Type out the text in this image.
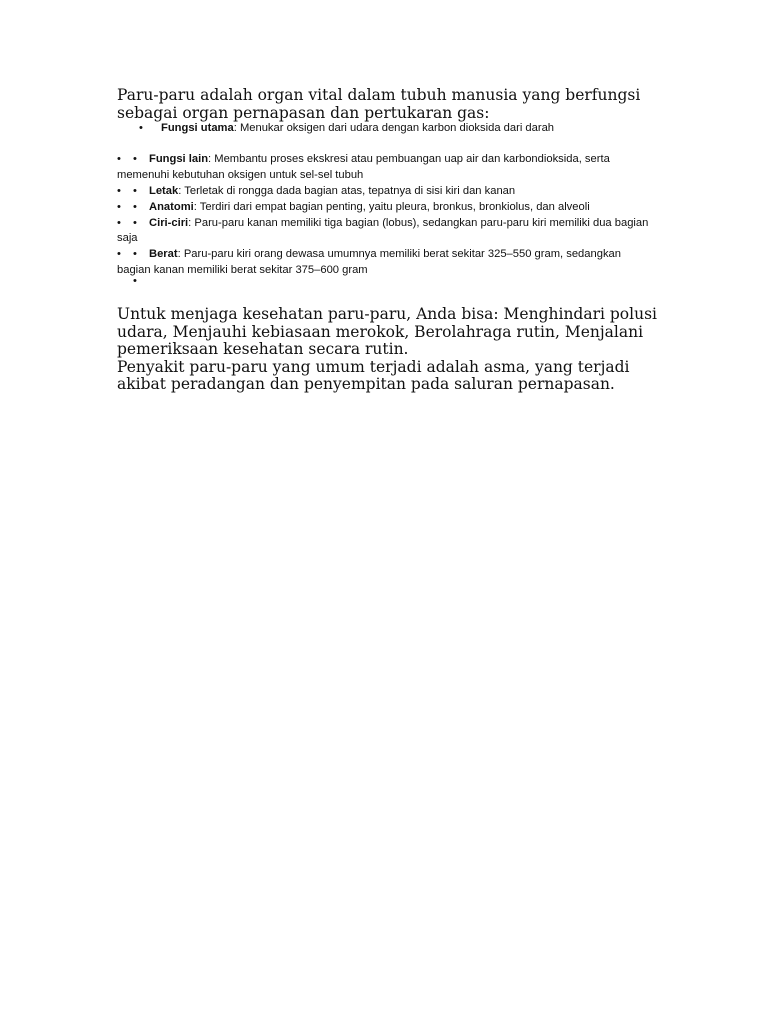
Paru-paru adalah organ vital dalam tubuh manusia yang berfungsi sebagai organ pernapasan dan pertukaran gas:

• Fungsi utama: Menukar oksigen dari udara dengan karbon dioksida dari darah

• • Fungsi lain: Membantu proses ekskresi atau pembuangan uap air dan karbondioksida, serta memenuhi kebutuhan oksigen untuk sel-sel tubuh

• • Letak: Terletak di rongga dada bagian atas, tepatnya di sisi kiri dan kanan

• • Anatomi: Terdiri dari empat bagian penting, yaitu pleura, bronkus, bronkiolus, dan alveoli

• • Ciri-ciri: Paru-paru kanan memiliki tiga bagian (lobus), sedangkan paru-paru kiri memiliki dua bagian saja

• • Berat: Paru-paru kiri orang dewasa umumnya memiliki berat sekitar 325–550 gram, sedangkan bagian kanan memiliki berat sekitar 375–600 gram

•

Untuk menjaga kesehatan paru-paru, Anda bisa: Menghindari polusi udara, Menjauhi kebiasaan merokok, Berolahraga rutin, Menjalani pemeriksaan kesehatan secara rutin.

Penyakit paru-paru yang umum terjadi adalah asma, yang terjadi akibat peradangan dan penyempitan pada saluran pernapasan.
